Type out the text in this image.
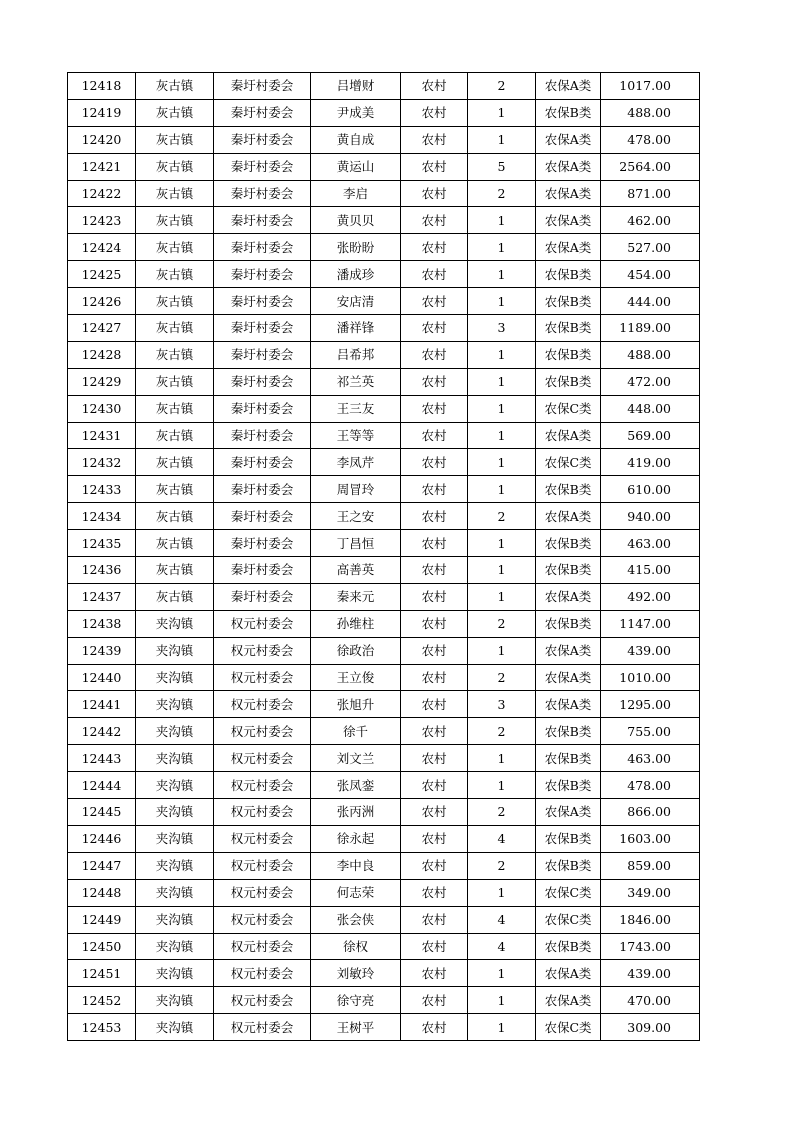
12418	灰古镇	秦圩村委会	吕增财	农村	2	农保A类	1017.00
12419	灰古镇	秦圩村委会	尹成美	农村	1	农保B类	488.00
12420	灰古镇	秦圩村委会	黄自成	农村	1	农保A类	478.00
12421	灰古镇	秦圩村委会	黄运山	农村	5	农保A类	2564.00
12422	灰古镇	秦圩村委会	李启	农村	2	农保A类	871.00
12423	灰古镇	秦圩村委会	黄贝贝	农村	1	农保A类	462.00
12424	灰古镇	秦圩村委会	张盼盼	农村	1	农保A类	527.00
12425	灰古镇	秦圩村委会	潘成珍	农村	1	农保B类	454.00
12426	灰古镇	秦圩村委会	安店清	农村	1	农保B类	444.00
12427	灰古镇	秦圩村委会	潘祥锋	农村	3	农保B类	1189.00
12428	灰古镇	秦圩村委会	吕希邦	农村	1	农保B类	488.00
12429	灰古镇	秦圩村委会	祁兰英	农村	1	农保B类	472.00
12430	灰古镇	秦圩村委会	王三友	农村	1	农保C类	448.00
12431	灰古镇	秦圩村委会	王等等	农村	1	农保A类	569.00
12432	灰古镇	秦圩村委会	李凤芹	农村	1	农保C类	419.00
12433	灰古镇	秦圩村委会	周冒玲	农村	1	农保B类	610.00
12434	灰古镇	秦圩村委会	王之安	农村	2	农保A类	940.00
12435	灰古镇	秦圩村委会	丁昌恒	农村	1	农保B类	463.00
12436	灰古镇	秦圩村委会	高善英	农村	1	农保B类	415.00
12437	灰古镇	秦圩村委会	秦来元	农村	1	农保A类	492.00
12438	夹沟镇	权元村委会	孙维柱	农村	2	农保B类	1147.00
12439	夹沟镇	权元村委会	徐政治	农村	1	农保A类	439.00
12440	夹沟镇	权元村委会	王立俊	农村	2	农保A类	1010.00
12441	夹沟镇	权元村委会	张旭升	农村	3	农保A类	1295.00
12442	夹沟镇	权元村委会	徐千	农村	2	农保B类	755.00
12443	夹沟镇	权元村委会	刘文兰	农村	1	农保B类	463.00
12444	夹沟镇	权元村委会	张凤銮	农村	1	农保B类	478.00
12445	夹沟镇	权元村委会	张丙洲	农村	2	农保A类	866.00
12446	夹沟镇	权元村委会	徐永起	农村	4	农保B类	1603.00
12447	夹沟镇	权元村委会	李中良	农村	2	农保B类	859.00
12448	夹沟镇	权元村委会	何志荣	农村	1	农保C类	349.00
12449	夹沟镇	权元村委会	张会侠	农村	4	农保C类	1846.00
12450	夹沟镇	权元村委会	徐权	农村	4	农保B类	1743.00
12451	夹沟镇	权元村委会	刘敏玲	农村	1	农保A类	439.00
12452	夹沟镇	权元村委会	徐守亮	农村	1	农保A类	470.00
12453	夹沟镇	权元村委会	王树平	农村	1	农保C类	309.00
